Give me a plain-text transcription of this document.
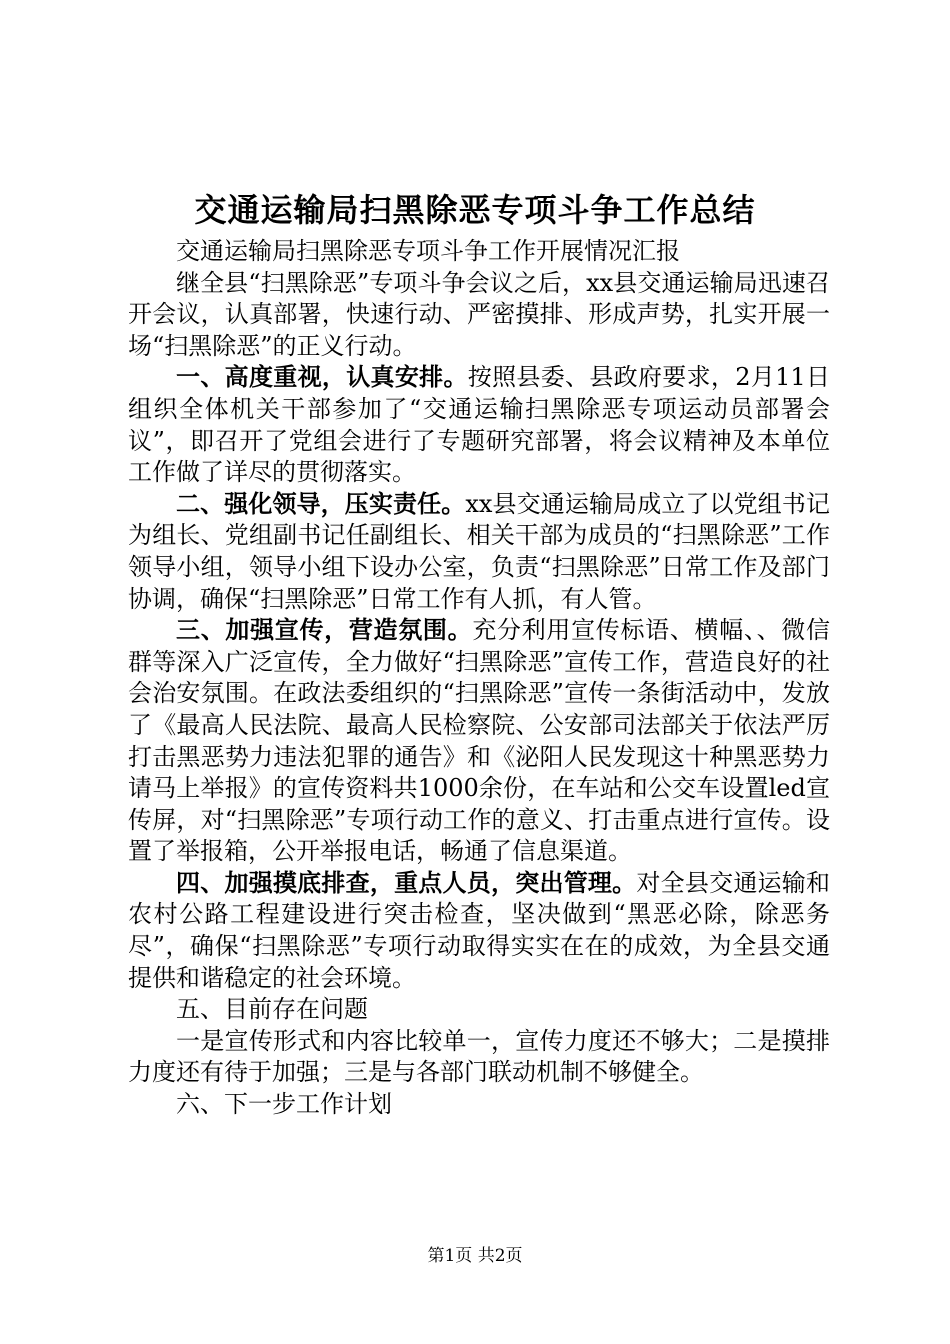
交通运输局扫黑除恶专项斗争工作总结

交通运输局扫黑除恶专项斗争工作开展情况汇报

继全县“扫黑除恶”专项斗争会议之后，xx县交通运输局迅速召开会议，认真部署，快速行动、严密摸排、形成声势，扎实开展一场“扫黑除恶”的正义行动。

一、高度重视，认真安排。按照县委、县政府要求，2月11日组织全体机关干部参加了“交通运输扫黑除恶专项运动员部署会议”，即召开了党组会进行了专题研究部署，将会议精神及本单位工作做了详尽的贯彻落实。

二、强化领导，压实责任。xx县交通运输局成立了以党组书记为组长、党组副书记任副组长、相关干部为成员的“扫黑除恶”工作领导小组，领导小组下设办公室，负责“扫黑除恶”日常工作及部门协调，确保“扫黑除恶”日常工作有人抓，有人管。

三、加强宣传，营造氛围。充分利用宣传标语、横幅、、微信群等深入广泛宣传，全力做好“扫黑除恶”宣传工作，营造良好的社会治安氛围。在政法委组织的“扫黑除恶”宣传一条街活动中，发放了《最高人民法院、最高人民检察院、公安部司法部关于依法严厉打击黑恶势力违法犯罪的通告》和《泌阳人民发现这十种黑恶势力请马上举报》的宣传资料共1000余份，在车站和公交车设置led宣传屏，对“扫黑除恶”专项行动工作的意义、打击重点进行宣传。设置了举报箱，公开举报电话，畅通了信息渠道。

四、加强摸底排查，重点人员，突出管理。对全县交通运输和农村公路工程建设进行突击检查，坚决做到“黑恶必除，除恶务尽”，确保“扫黑除恶”专项行动取得实实在在的成效，为全县交通提供和谐稳定的社会环境。

五、目前存在问题

一是宣传形式和内容比较单一，宣传力度还不够大；二是摸排力度还有待于加强；三是与各部门联动机制不够健全。

六、下一步工作计划

第1页 共2页
